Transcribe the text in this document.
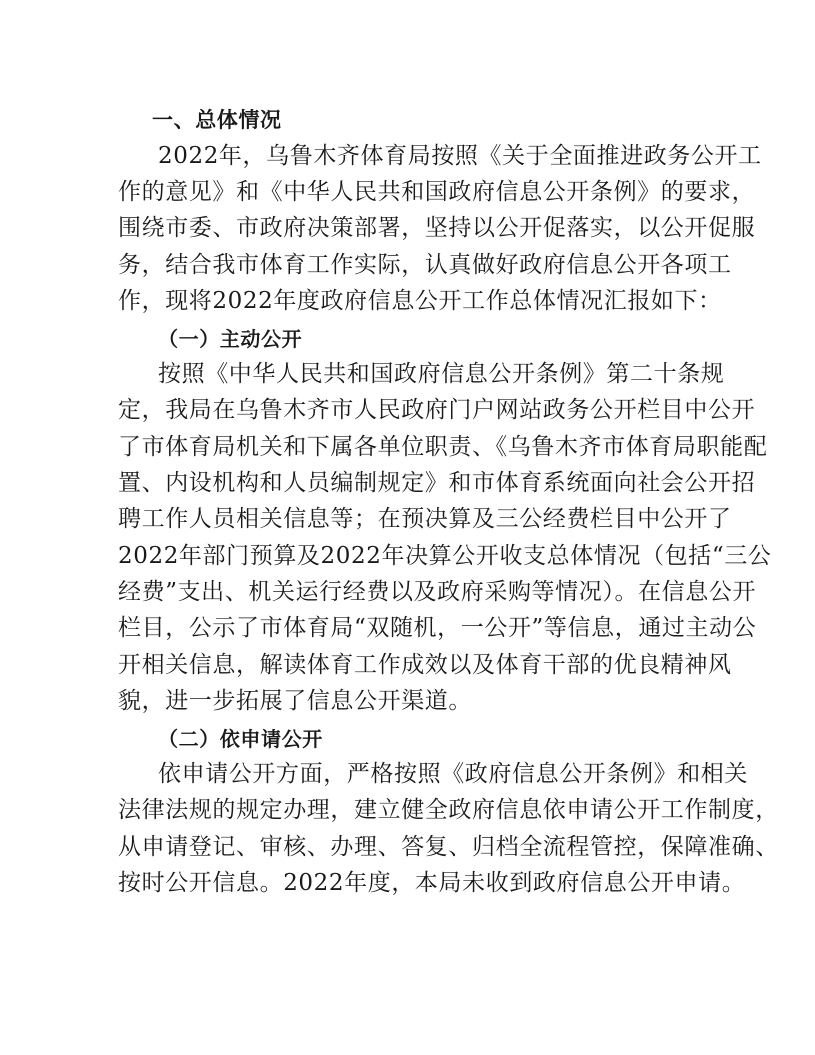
一、总体情况
2022年，乌鲁木齐体育局按照《关于全面推进政务公开工
作的意见》和《中华人民共和国政府信息公开条例》的要求，
围绕市委、市政府决策部署，坚持以公开促落实，以公开促服
务，结合我市体育工作实际，认真做好政府信息公开各项工
作，现将2022年度政府信息公开工作总体情况汇报如下：
（一）主动公开
按照《中华人民共和国政府信息公开条例》第二十条规
定，我局在乌鲁木齐市人民政府门户网站政务公开栏目中公开
了市体育局机关和下属各单位职责、《乌鲁木齐市体育局职能配
置、内设机构和人员编制规定》和市体育系统面向社会公开招
聘工作人员相关信息等；在预决算及三公经费栏目中公开了
2022年部门预算及2022年决算公开收支总体情况（包括“三公
经费”支出、机关运行经费以及政府采购等情况）。在信息公开
栏目，公示了市体育局“双随机，一公开”等信息，通过主动公
开相关信息，解读体育工作成效以及体育干部的优良精神风
貌，进一步拓展了信息公开渠道。
（二）依申请公开
依申请公开方面，严格按照《政府信息公开条例》和相关
法律法规的规定办理，建立健全政府信息依申请公开工作制度，
从申请登记、审核、办理、答复、归档全流程管控，保障准确、
按时公开信息。2022年度，本局未收到政府信息公开申请。
